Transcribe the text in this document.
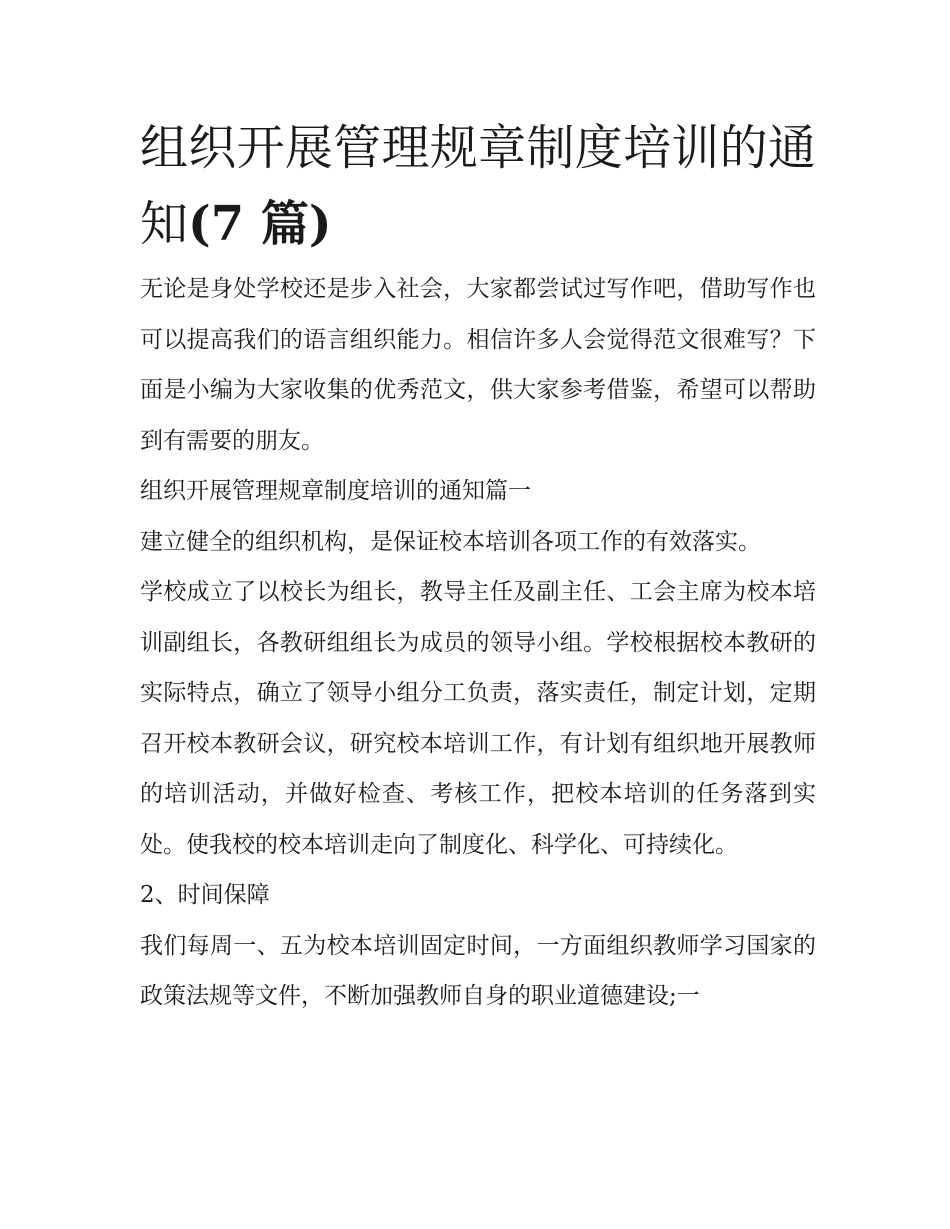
组织开展管理规章制度培训的通知(7 篇)

无论是身处学校还是步入社会，大家都尝试过写作吧，借助写作也可以提高我们的语言组织能力。相信许多人会觉得范文很难写？下面是小编为大家收集的优秀范文，供大家参考借鉴，希望可以帮助到有需要的朋友。

组织开展管理规章制度培训的通知篇一

建立健全的组织机构，是保证校本培训各项工作的有效落实。

学校成立了以校长为组长，教导主任及副主任、工会主席为校本培训副组长，各教研组组长为成员的领导小组。学校根据校本教研的实际特点，确立了领导小组分工负责，落实责任，制定计划，定期召开校本教研会议，研究校本培训工作，有计划有组织地开展教师的培训活动，并做好检查、考核工作，把校本培训的任务落到实处。使我校的校本培训走向了制度化、科学化、可持续化。

2、时间保障

我们每周一、五为校本培训固定时间，一方面组织教师学习国家的政策法规等文件，不断加强教师自身的职业道德建设;一
